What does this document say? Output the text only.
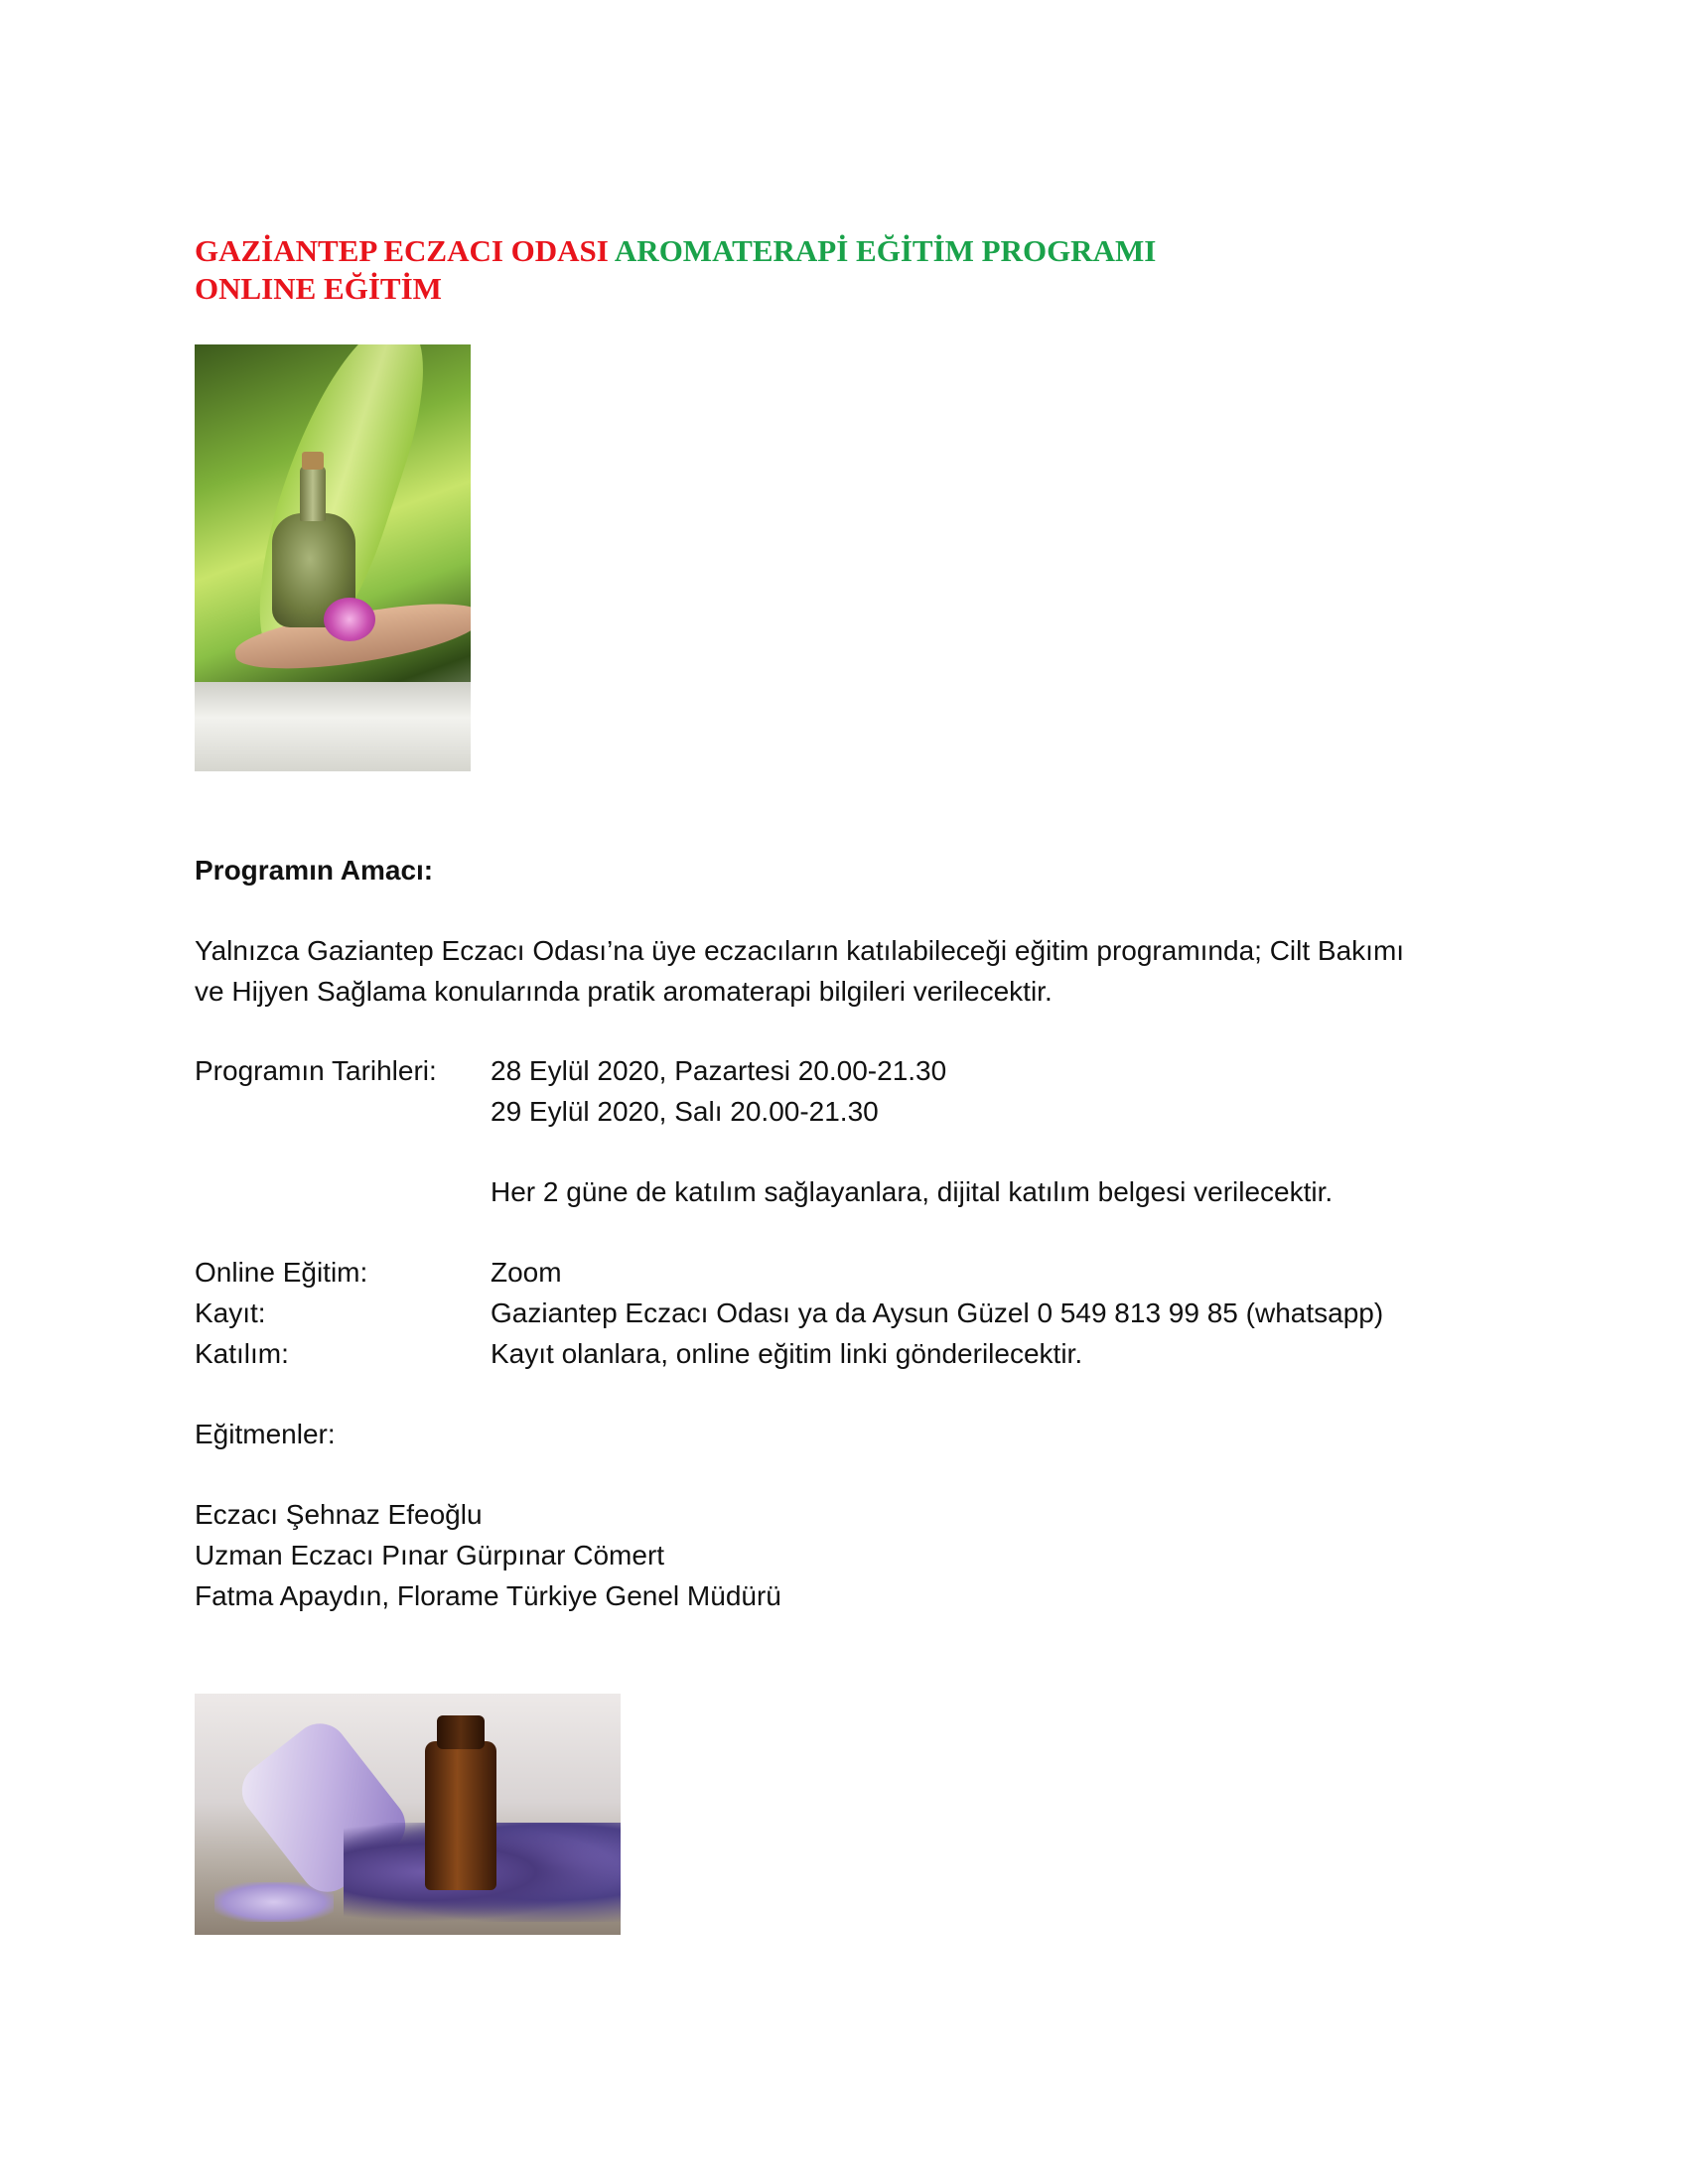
GAZİANTEP ECZACI ODASI AROMATERAPİ EĞİTİM PROGRAMI
ONLINE EĞİTİM
Programın Amacı:
Yalnızca Gaziantep Eczacı Odası’na üye eczacıların katılabileceği eğitim programında; Cilt Bakımı
ve Hijyen Sağlama konularında pratik aromaterapi bilgileri verilecektir.
Programın Tarihleri: 28 Eylül 2020, Pazartesi 20.00-21.30
29 Eylül 2020, Salı 20.00-21.30
Her 2 güne de katılım sağlayanlara, dijital katılım belgesi verilecektir.
Online Eğitim:	Zoom
Kayıt:	Gaziantep Eczacı Odası ya da Aysun Güzel 0 549 813 99 85 (whatsapp)
Katılım:	Kayıt olanlara, online eğitim linki gönderilecektir.
Eğitmenler:
Eczacı Şehnaz Efeoğlu
Uzman Eczacı Pınar Gürpınar Cömert
Fatma Apaydın, Florame Türkiye Genel Müdürü
